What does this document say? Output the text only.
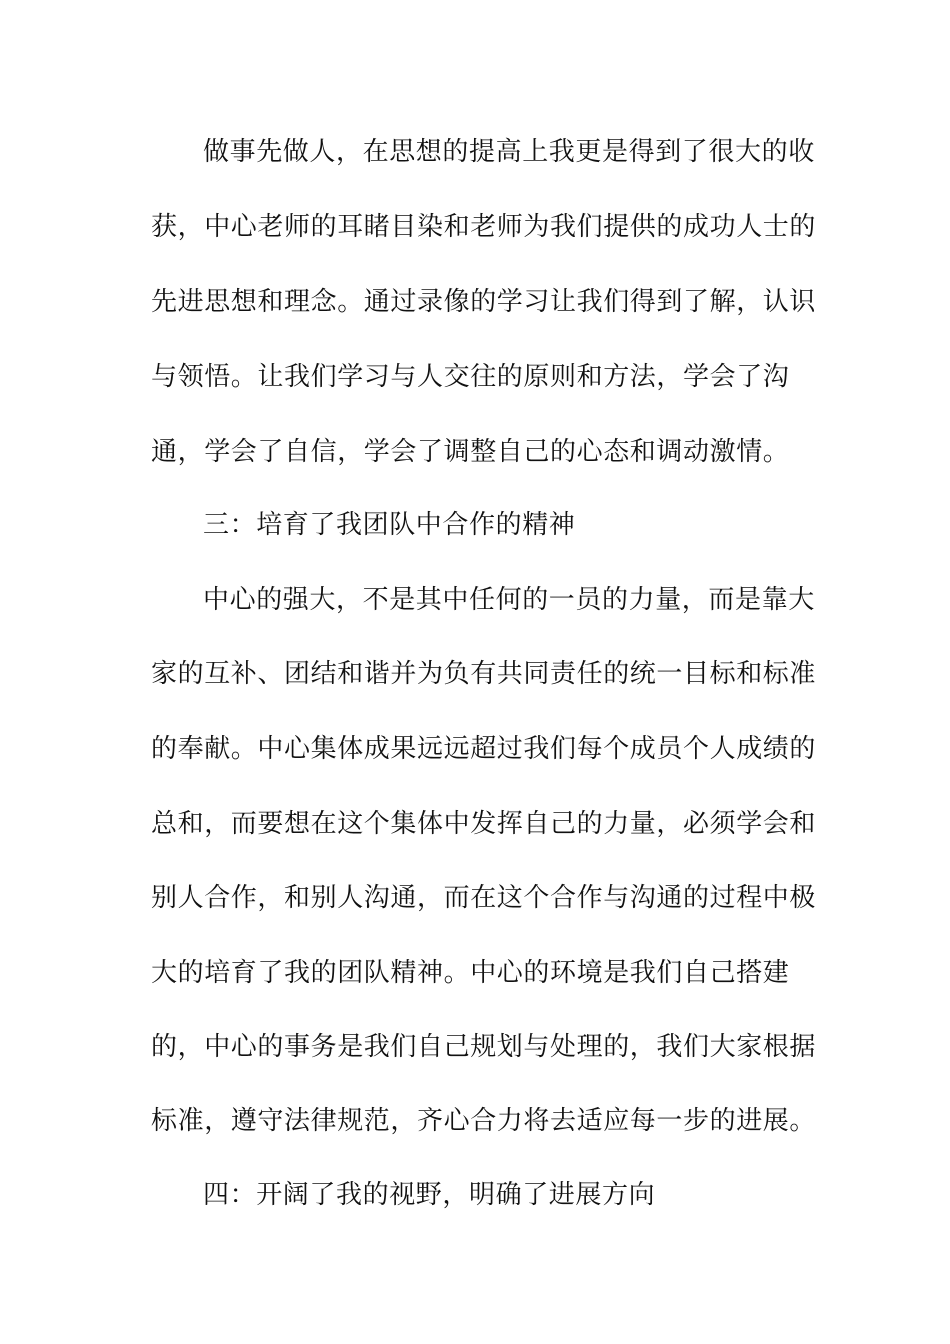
做事先做人，在思想的提高上我更是得到了很大的收
获，中心老师的耳睹目染和老师为我们提供的成功人士的
先进思想和理念。通过录像的学习让我们得到了解，认识
与领悟。让我们学习与人交往的原则和方法，学会了沟
通，学会了自信，学会了调整自己的心态和调动激情。
三：培育了我团队中合作的精神
中心的强大，不是其中任何的一员的力量，而是靠大
家的互补、团结和谐并为负有共同责任的统一目标和标准
的奉献。中心集体成果远远超过我们每个成员个人成绩的
总和，而要想在这个集体中发挥自己的力量，必须学会和
别人合作，和别人沟通，而在这个合作与沟通的过程中极
大的培育了我的团队精神。中心的环境是我们自己搭建
的，中心的事务是我们自己规划与处理的，我们大家根据
标准，遵守法律规范，齐心合力将去适应每一步的进展。
四：开阔了我的视野，明确了进展方向
